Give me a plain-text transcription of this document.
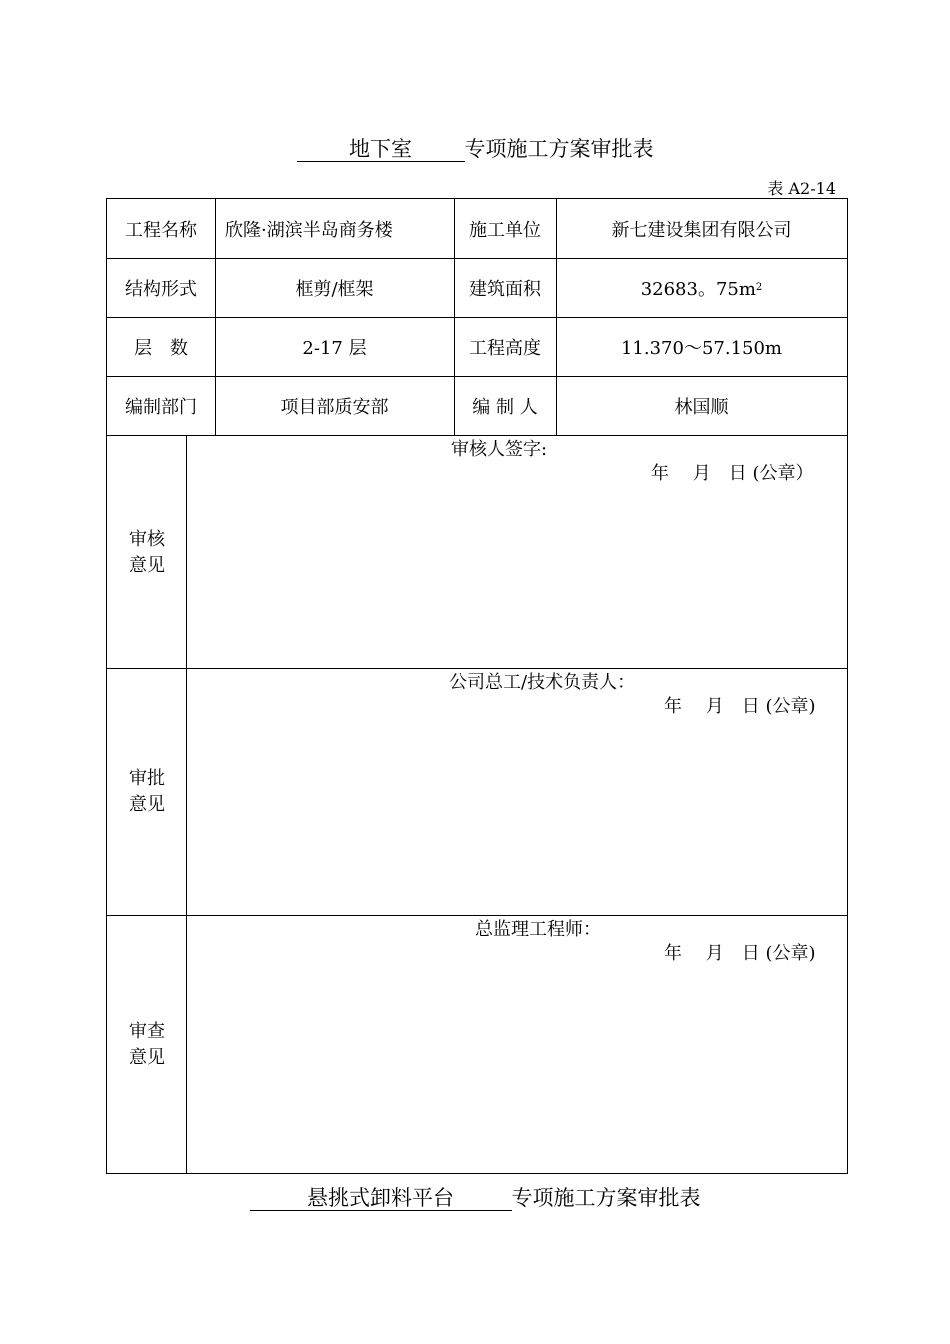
地下室	专项施工方案审批表
表 A2-14
工程名称	欣隆·湖滨半岛商务楼	施工单位	新七建设集团有限公司
结构形式	框剪/框架	建筑面积	32683。75m 2
层　数	2-17 层	工程高度	11.370～57.150m
编制部门	项目部质安部	编 制 人	林国顺
审核
意见
审核人签字:
年　 月　日 (公章）
审批
意见
公司总工/技术负责人：
年　 月　日 (公章)
审查
意见
总监理工程师：
年　 月　日 (公章)
悬挑式卸料平台	专项施工方案审批表
